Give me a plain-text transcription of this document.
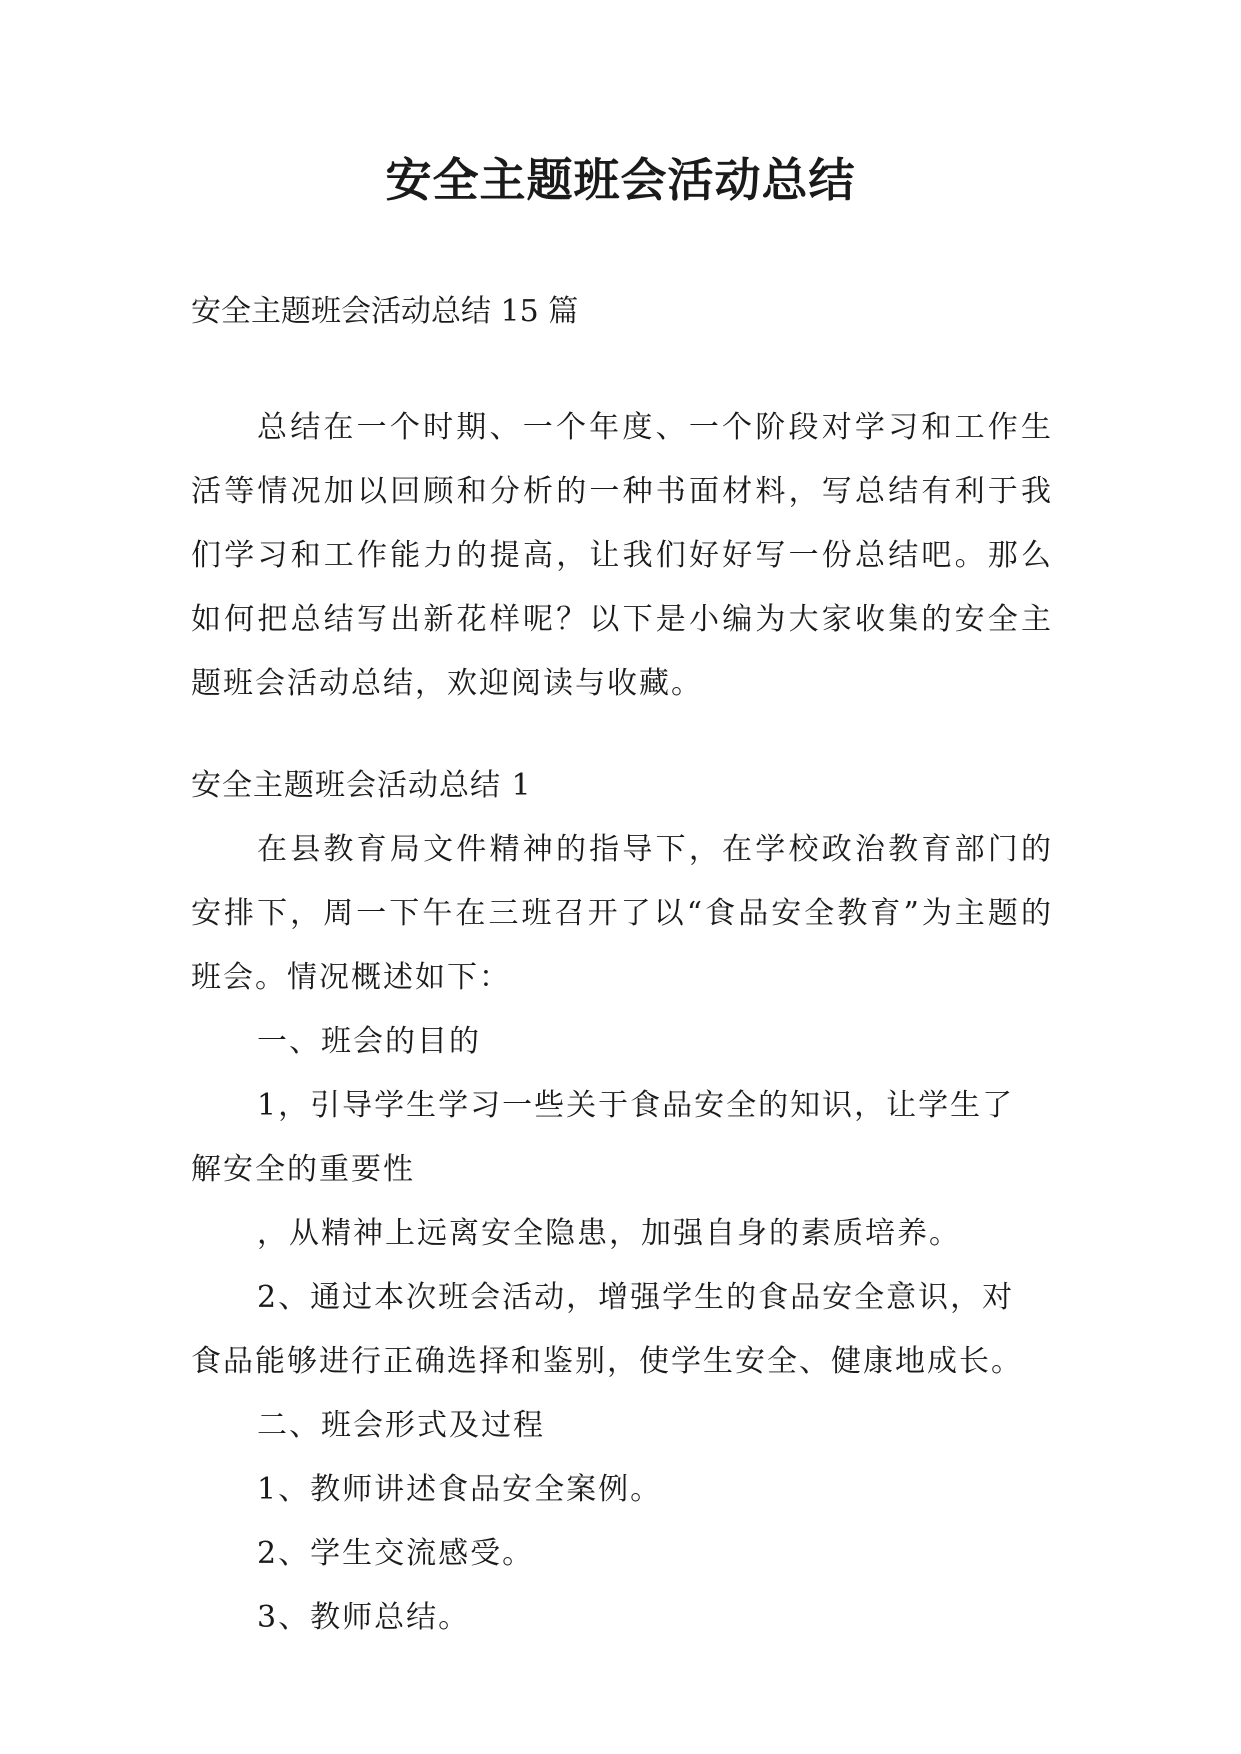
安全主题班会活动总结

安全主题班会活动总结 15 篇

总结在一个时期、一个年度、一个阶段对学习和工作生活等情况加以回顾和分析的一种书面材料，写总结有利于我们学习和工作能力的提高，让我们好好写一份总结吧。那么如何把总结写出新花样呢？以下是小编为大家收集的安全主题班会活动总结，欢迎阅读与收藏。

安全主题班会活动总结 1

在县教育局文件精神的指导下，在学校政治教育部门的安排下，周一下午在三班召开了以“食品安全教育”为主题的班会。情况概述如下：

一、班会的目的

1，引导学生学习一些关于食品安全的知识，让学生了

解安全的重要性

，从精神上远离安全隐患，加强自身的素质培养。

2、通过本次班会活动，增强学生的食品安全意识，对

食品能够进行正确选择和鉴别，使学生安全、健康地成长。

二、班会形式及过程

1、教师讲述食品安全案例。

2、学生交流感受。

3、教师总结。
